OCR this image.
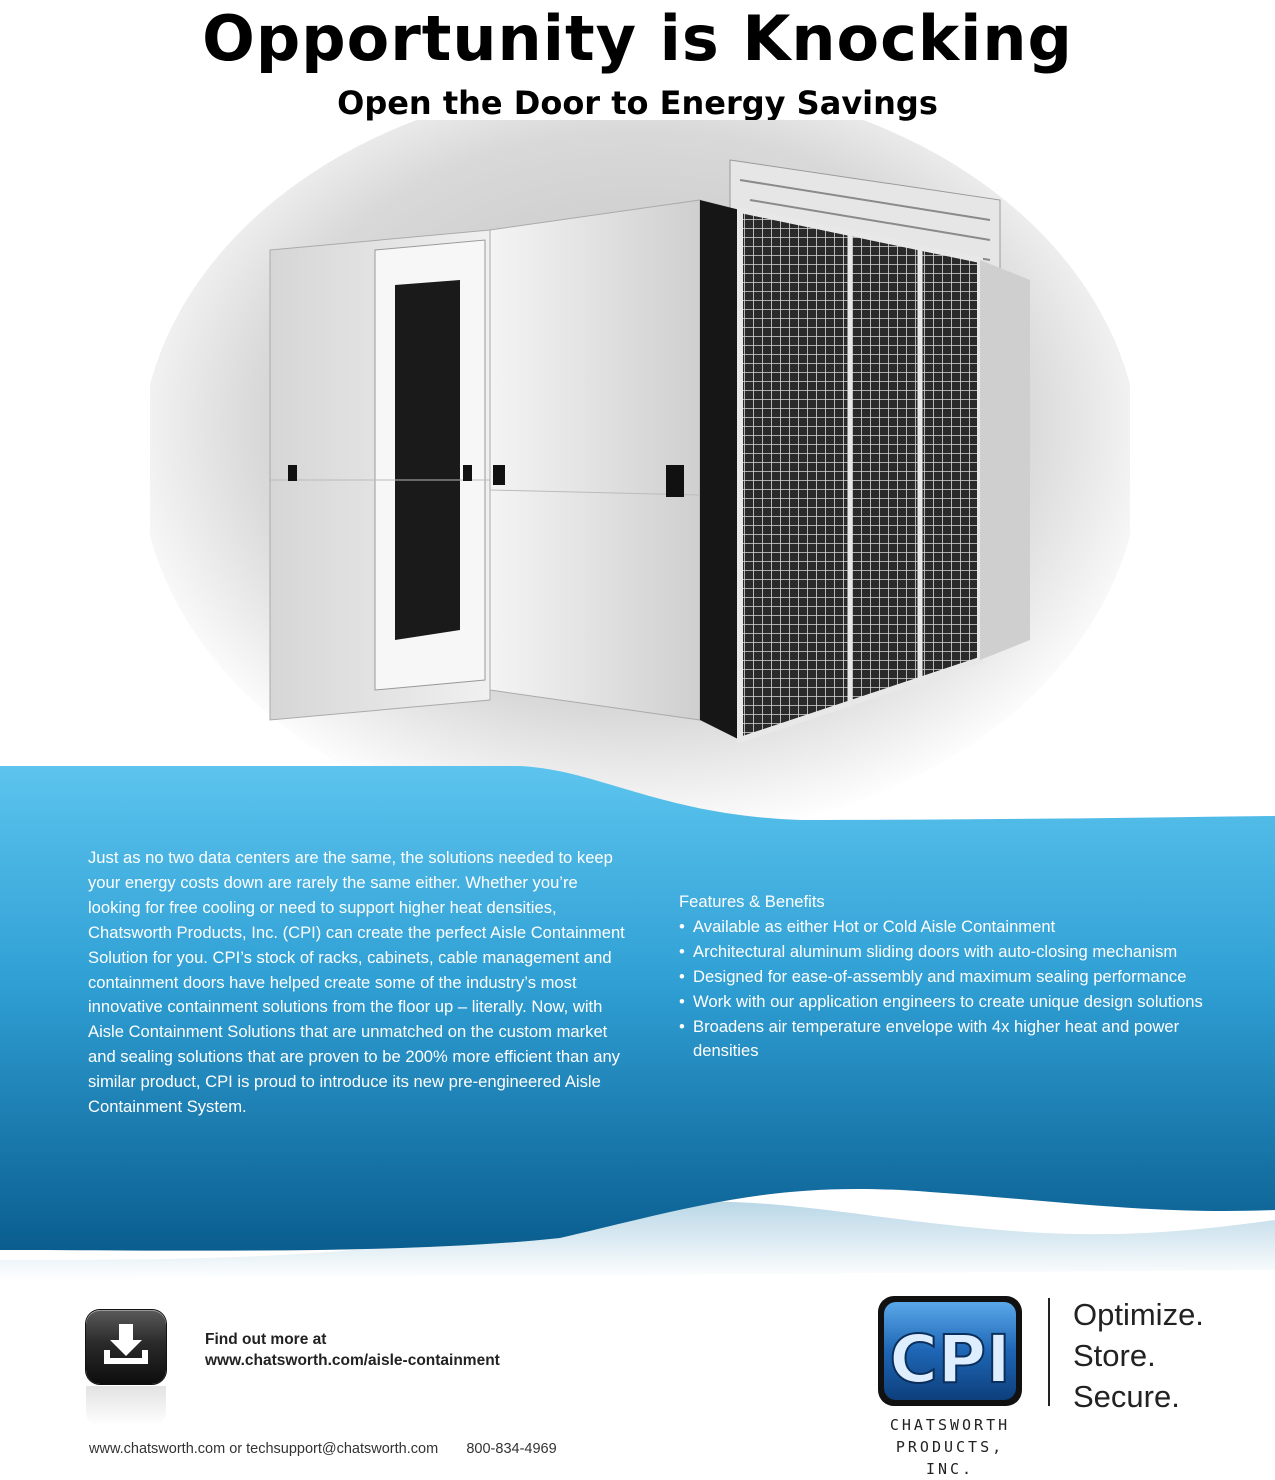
Opportunity is Knocking
Open the Door to Energy Savings

Just as no two data centers are the same, the solutions needed to keep your energy costs down are rarely the same either. Whether you’re looking for free cooling or need to support higher heat densities, Chatsworth Products, Inc. (CPI) can create the perfect Aisle Containment Solution for you. CPI’s stock of racks, cabinets, cable management and containment doors have helped create some of the industry’s most innovative containment solutions from the floor up – literally. Now, with Aisle Containment Solutions that are unmatched on the custom market and sealing solutions that are proven to be 200% more efficient than any similar product, CPI is proud to introduce its new pre-engineered Aisle Containment System.

Features & Benefits
• Available as either Hot or Cold Aisle Containment
• Architectural aluminum sliding doors with auto-closing mechanism
• Designed for ease-of-assembly and maximum sealing performance
• Work with our application engineers to create unique design solutions
• Broadens air temperature envelope with 4x higher heat and power densities
Find out more at
www.chatsworth.com/aisle-containment
www.chatsworth.com or techsupport@chatsworth.com 800-834-4969
CPI
CHATSWORTH
PRODUCTS, INC.
Optimize.
Store.
Secure.
